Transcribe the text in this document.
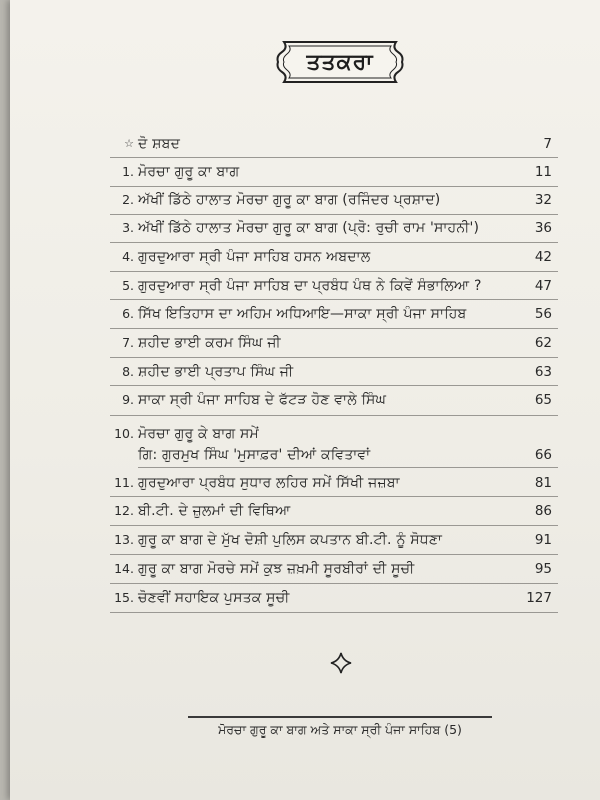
ਤਤਕਰਾ
☆ ਦੋ ਸ਼ਬਦ	7
1. ਮੋਰਚਾ ਗੁਰੂ ਕਾ ਬਾਗ	11
2. ਅੱਖੀਂ ਡਿੱਠੇ ਹਾਲਾਤ ਮੋਰਚਾ ਗੁਰੂ ਕਾ ਬਾਗ (ਰਜਿੰਦਰ ਪ੍ਰਸ਼ਾਦ)	32
3. ਅੱਖੀਂ ਡਿੱਠੇ ਹਾਲਾਤ ਮੋਰਚਾ ਗੁਰੂ ਕਾ ਬਾਗ (ਪ੍ਰੋ: ਰੁਚੀ ਰਾਮ 'ਸਾਹਨੀ')	36
4. ਗੁਰਦੁਆਰਾ ਸ੍ਰੀ ਪੰਜਾ ਸਾਹਿਬ ਹਸਨ ਅਬਦਾਲ	42
5. ਗੁਰਦੁਆਰਾ ਸ੍ਰੀ ਪੰਜਾ ਸਾਹਿਬ ਦਾ ਪ੍ਰਬੰਧ ਪੰਥ ਨੇ ਕਿਵੇਂ ਸੰਭਾਲਿਆ ?	47
6. ਸਿੱਖ ਇਤਿਹਾਸ ਦਾ ਅਹਿਮ ਅਧਿਆਇ—ਸਾਕਾ ਸ੍ਰੀ ਪੰਜਾ ਸਾਹਿਬ	56
7. ਸ਼ਹੀਦ ਭਾਈ ਕਰਮ ਸਿੰਘ ਜੀ	62
8. ਸ਼ਹੀਦ ਭਾਈ ਪ੍ਰਤਾਪ ਸਿੰਘ ਜੀ	63
9. ਸਾਕਾ ਸ੍ਰੀ ਪੰਜਾ ਸਾਹਿਬ ਦੇ ਫੱਟੜ ਹੋਣ ਵਾਲੇ ਸਿੰਘ	65
10. ਮੋਰਚਾ ਗੁਰੂ ਕੇ ਬਾਗ ਸਮੇਂ
ਗਿ: ਗੁਰਮੁਖ ਸਿੰਘ 'ਮੁਸਾਫ਼ਰ' ਦੀਆਂ ਕਵਿਤਾਵਾਂ	66
11. ਗੁਰਦੁਆਰਾ ਪ੍ਰਬੰਧ ਸੁਧਾਰ ਲਹਿਰ ਸਮੇਂ ਸਿੱਖੀ ਜਜ਼ਬਾ	81
12. ਬੀ.ਟੀ. ਦੇ ਜ਼ੁਲਮਾਂ ਦੀ ਵਿਥਿਆ	86
13. ਗੁਰੂ ਕਾ ਬਾਗ ਦੇ ਮੁੱਖ ਦੋਸ਼ੀ ਪੁਲਿਸ ਕਪਤਾਨ ਬੀ.ਟੀ. ਨੂੰ ਸੋਧਣਾ	91
14. ਗੁਰੂ ਕਾ ਬਾਗ ਮੋਰਚੇ ਸਮੇਂ ਕੁਝ ਜ਼ਖ਼ਮੀ ਸੂਰਬੀਰਾਂ ਦੀ ਸੂਚੀ	95
15. ਚੋਣਵੀਂ ਸਹਾਇਕ ਪੁਸਤਕ ਸੂਚੀ	127
ਮੋਰਚਾ ਗੁਰੂ ਕਾ ਬਾਗ ਅਤੇ ਸਾਕਾ ਸ੍ਰੀ ਪੰਜਾ ਸਾਹਿਬ (5)
